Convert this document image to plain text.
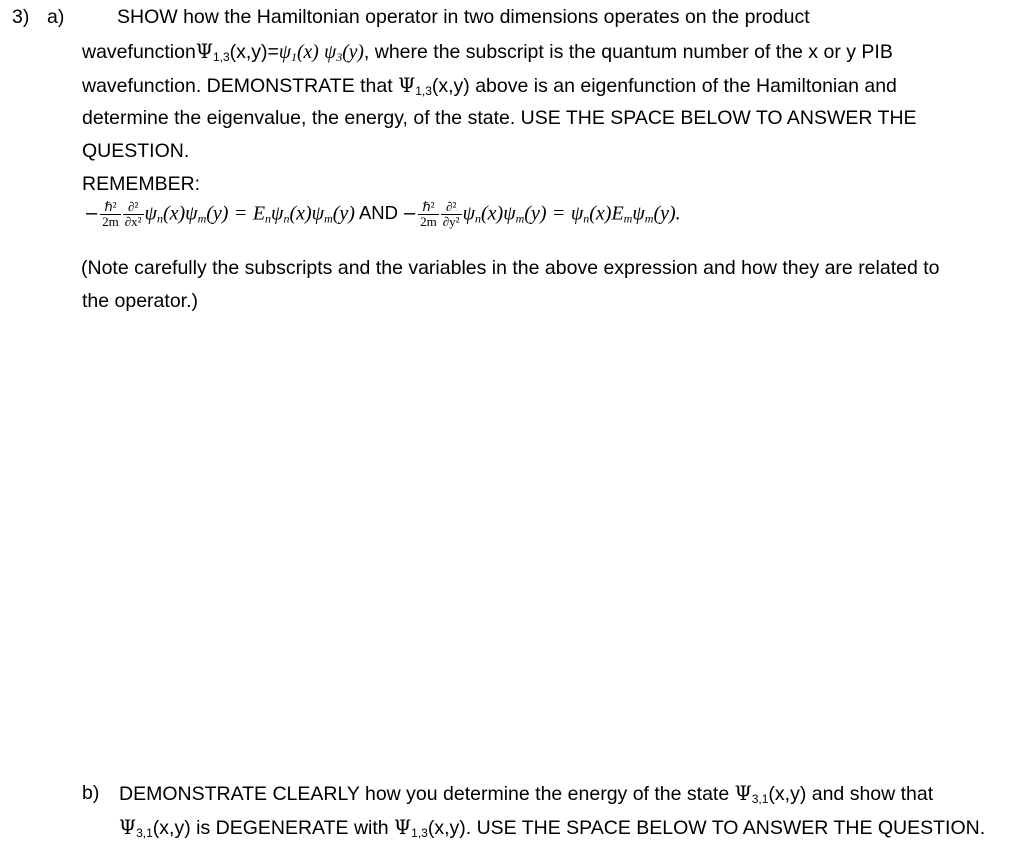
3) a)	SHOW how the Hamiltonian operator in two dimensions operates on the product
$wavefunction\Psi_{1,3}(x,y)=\psi_1(x)$ $\psi_3(y)$, where the subscript is the quantum number of the x or y PIB
wavefunction. DEMONSTRATE that $\Psi_{1,3}(x,y)$ above is an eigenfunction of the Hamiltonian and
determine the eigenvalue, the energy, of the state. USE THE SPACE BELOW TO ANSWER THE
QUESTION.
REMEMBER:
− $\frac{\text{ℏ²}}{2m} \frac{\text{∂²}}{\text{∂x²}} \psi_n(x)\psi_m(y) = E_n\psi_n(x)\psi_m(y)$ AND − $\frac{\text{ℏ²}}{2m} \frac{\text{∂²}}{\text{∂y²}} \psi_n(x)\psi_m(y) = \psi_n(x)E_m\psi_m(y)$.
(Note carefully the subscripts and the variables in the above expression and how they are related to
the operator.)
b) DEMONSTRATE CLEARLY how you determine the energy of the state $\Psi_{3,1}(x,y)$ and show that
$\Psi_{3,1}(x,y)$ is DEGENERATE with $\Psi_{1,3}(x,y)$. USE THE SPACE BELOW TO ANSWER THE QUESTION.
